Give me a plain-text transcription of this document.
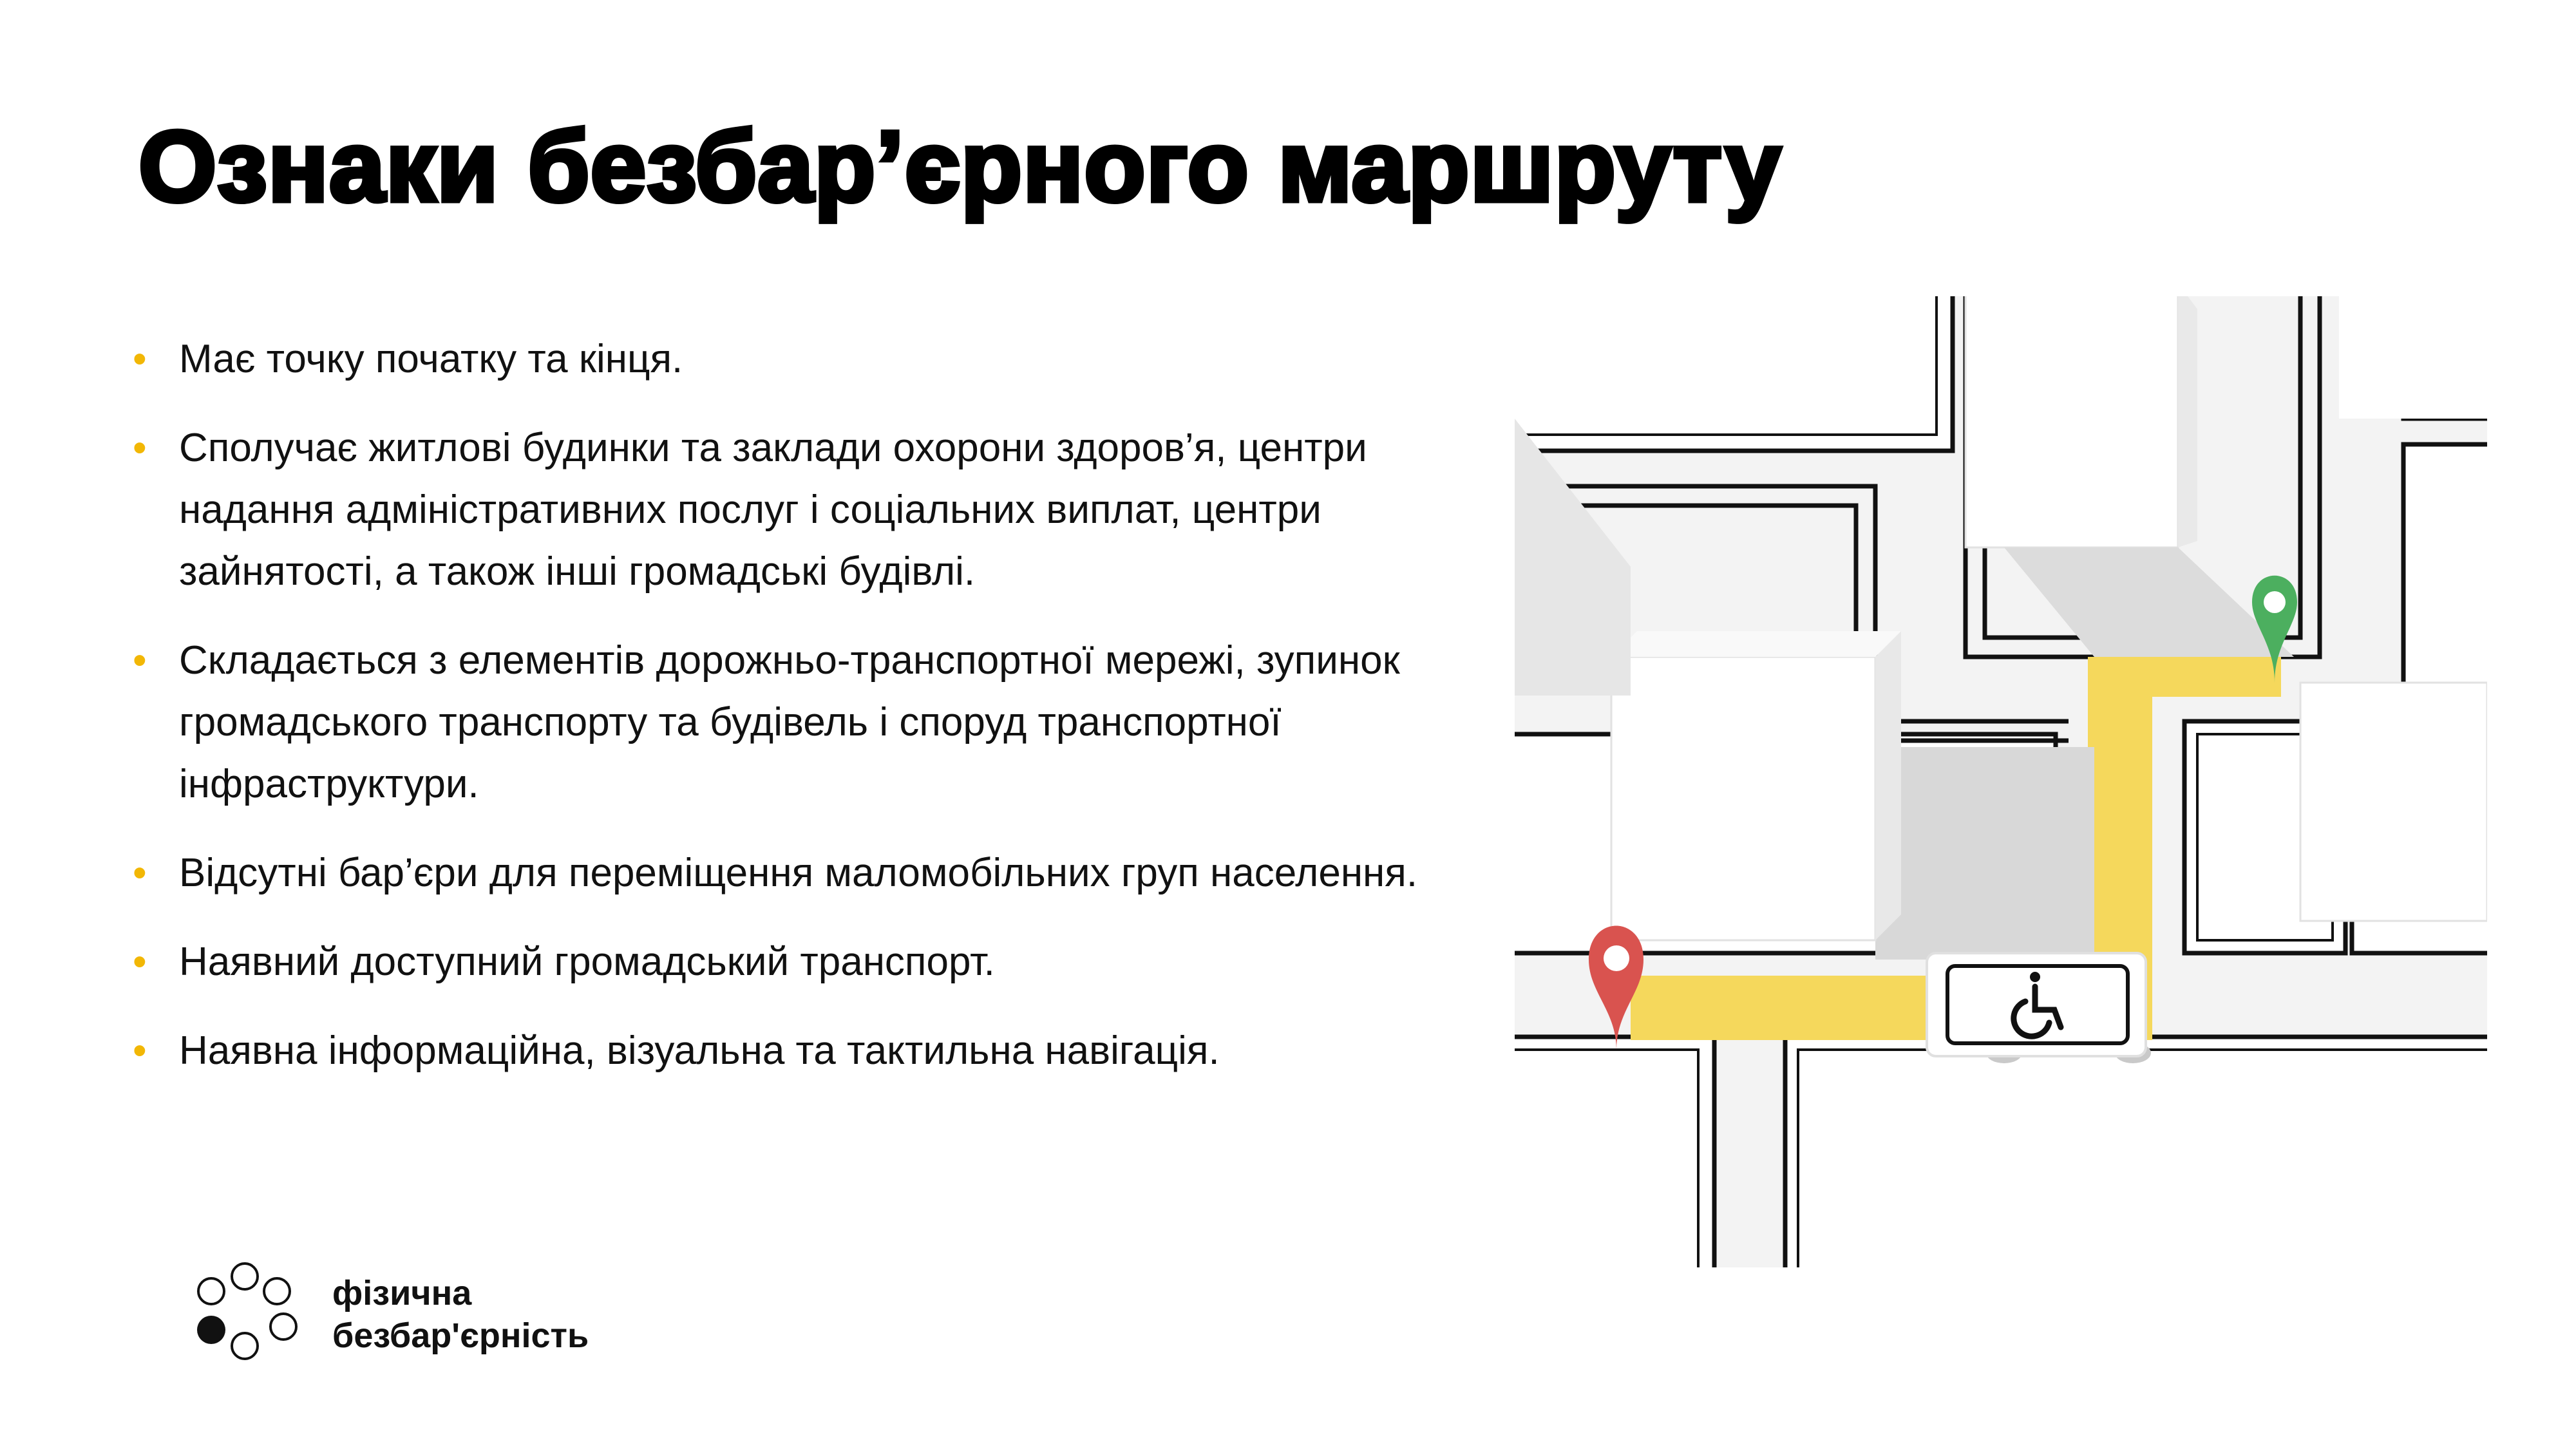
Ознаки безбар’єрного маршруту
• Має точку початку та кінця.
• Сполучає житлові будинки та заклади охорони здоров’я, центри надання адміністративних послуг і соціальних виплат, центри зайнятості, а також інші громадські будівлі.
• Складається з елементів дорожньо-транспортної мережі, зупинок громадського транспорту та будівель і споруд транспортної інфраструктури.
• Відсутні бар’єри для переміщення маломобільних груп населення.
• Наявний доступний громадський транспорт.
• Наявна інформаційна, візуальна та тактильна навігація.
фізична
безбар'єрність
